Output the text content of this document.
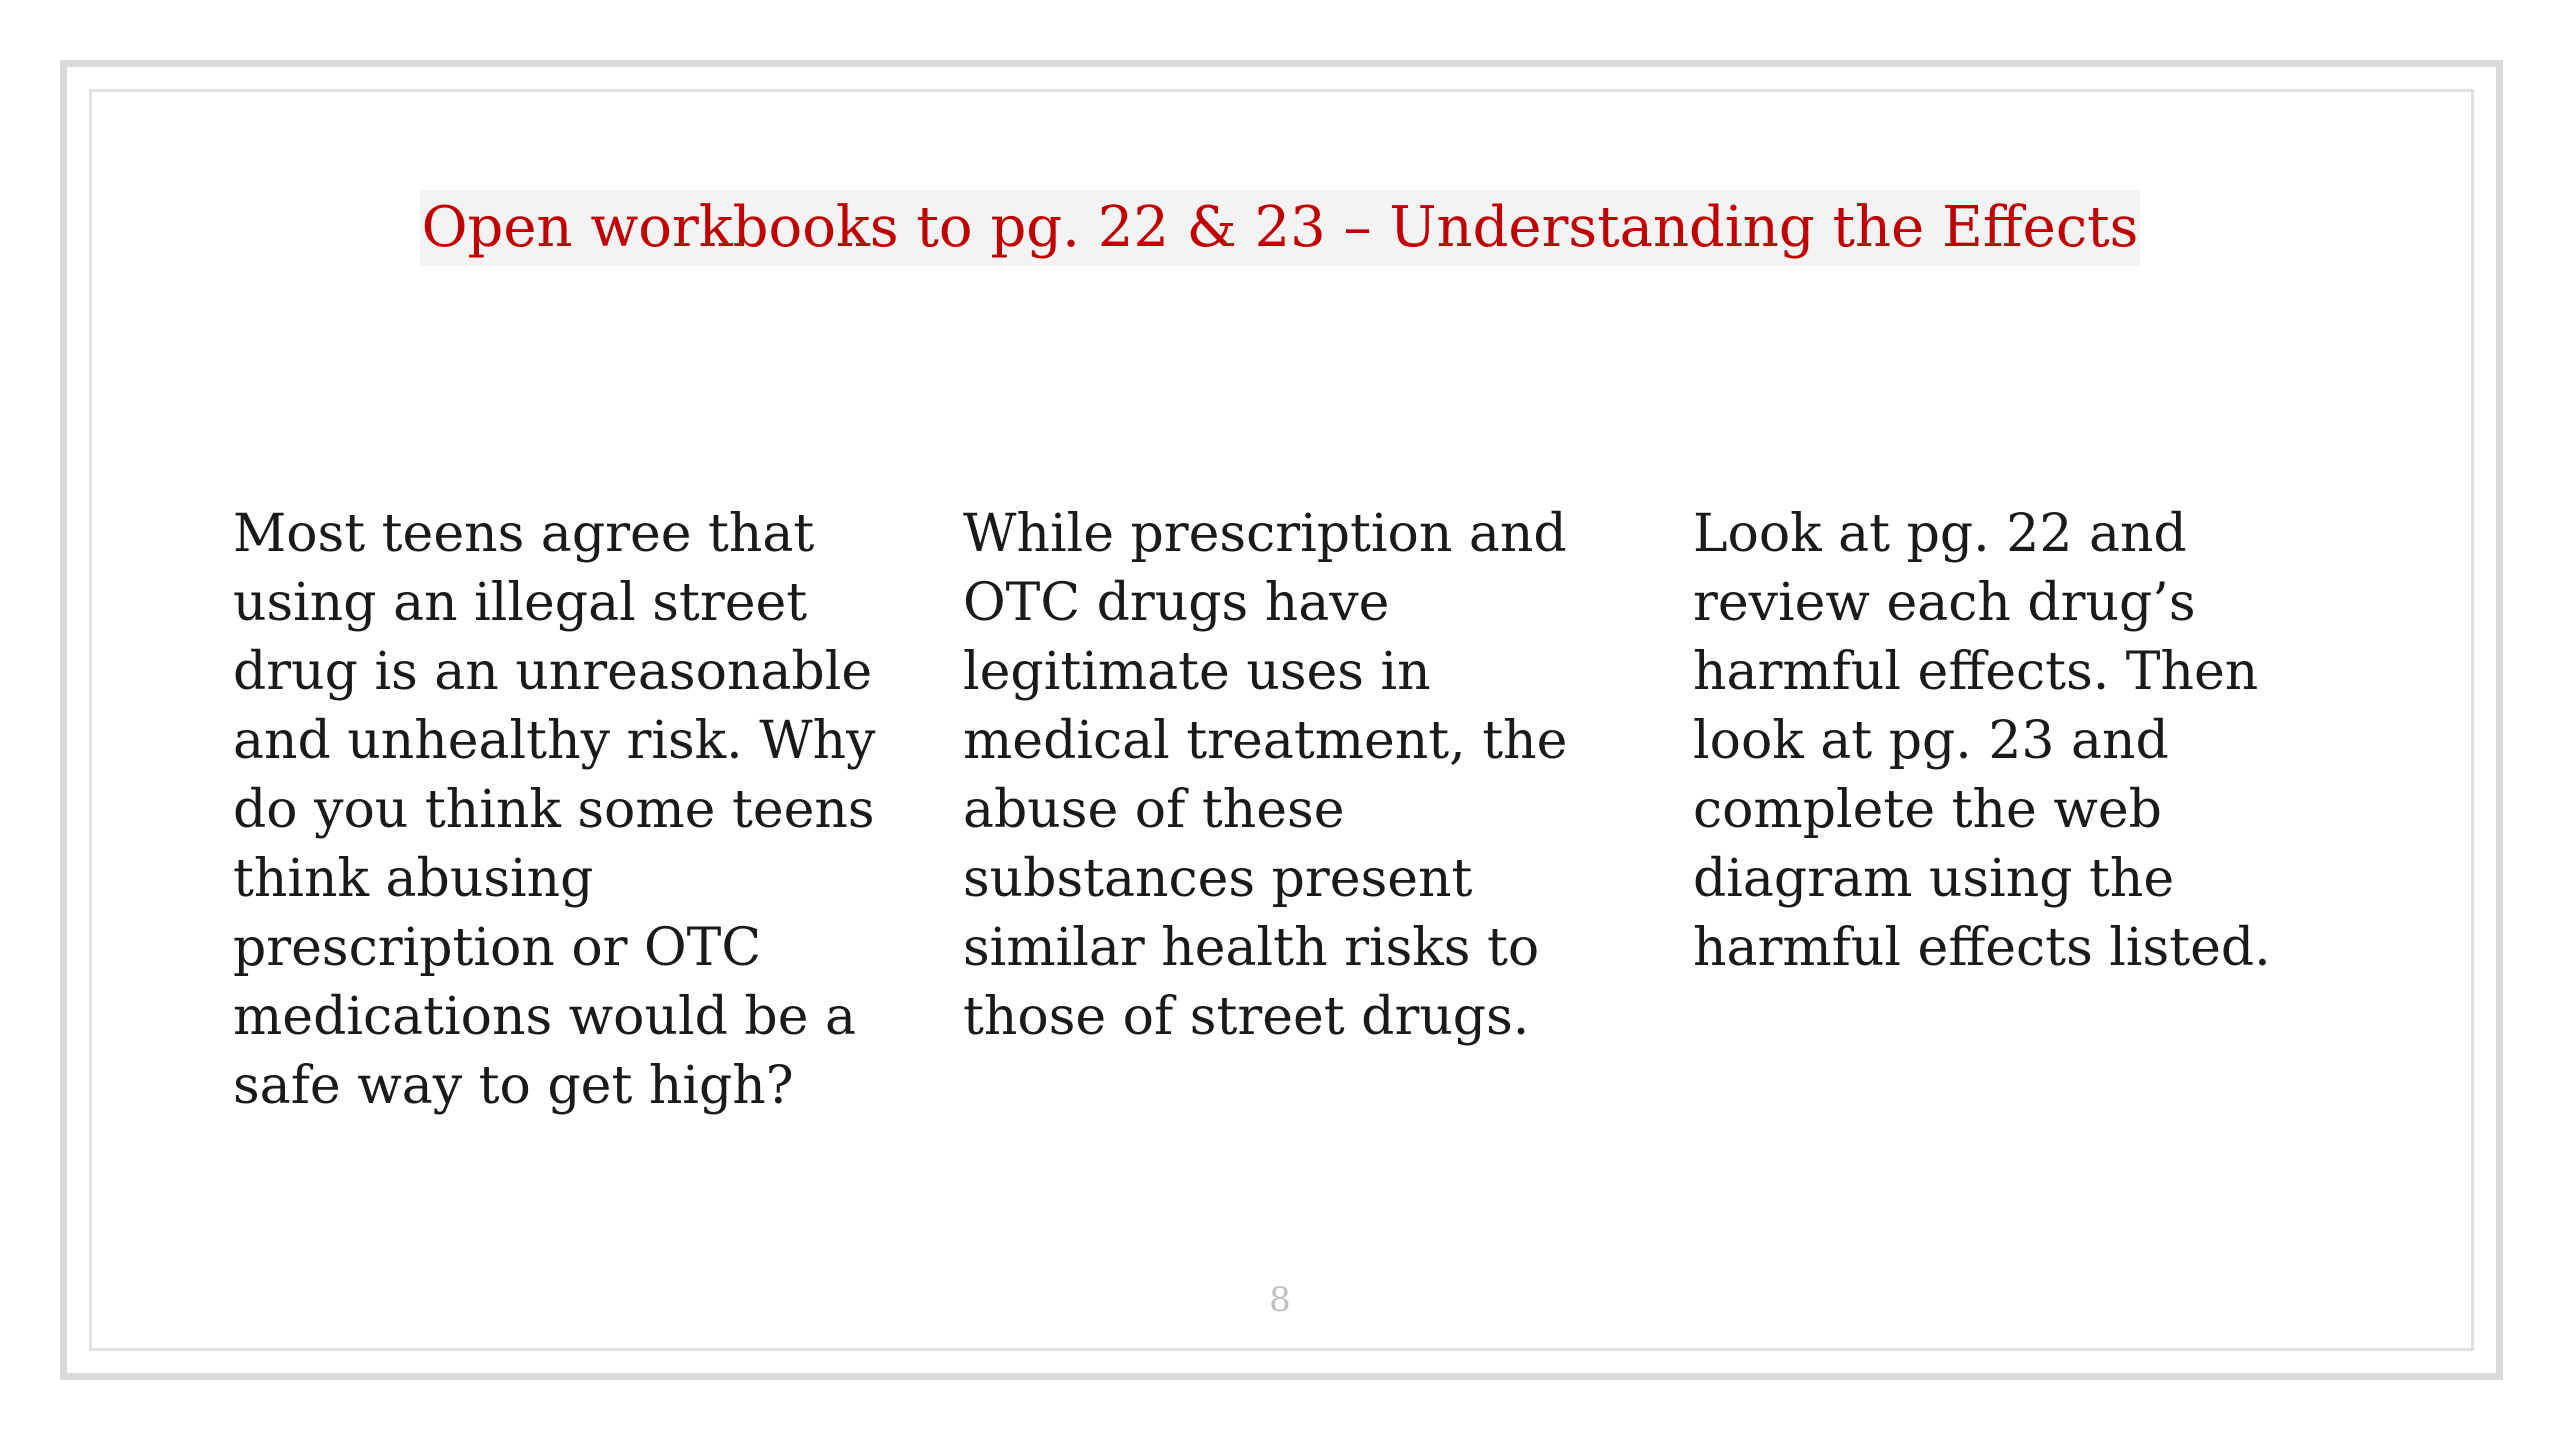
Open workbooks to pg. 22 & 23 – Understanding the Effects
Most teens agree that
using an illegal street
drug is an unreasonable
and unhealthy risk. Why
do you think some teens
think abusing
prescription or OTC
medications would be a
safe way to get high?
While prescription and
OTC drugs have
legitimate uses in
medical treatment, the
abuse of these
substances present
similar health risks to
those of street drugs.
Look at pg. 22 and
review each drug’s
harmful effects. Then
look at pg. 23 and
complete the web
diagram using the
harmful effects listed.
8
